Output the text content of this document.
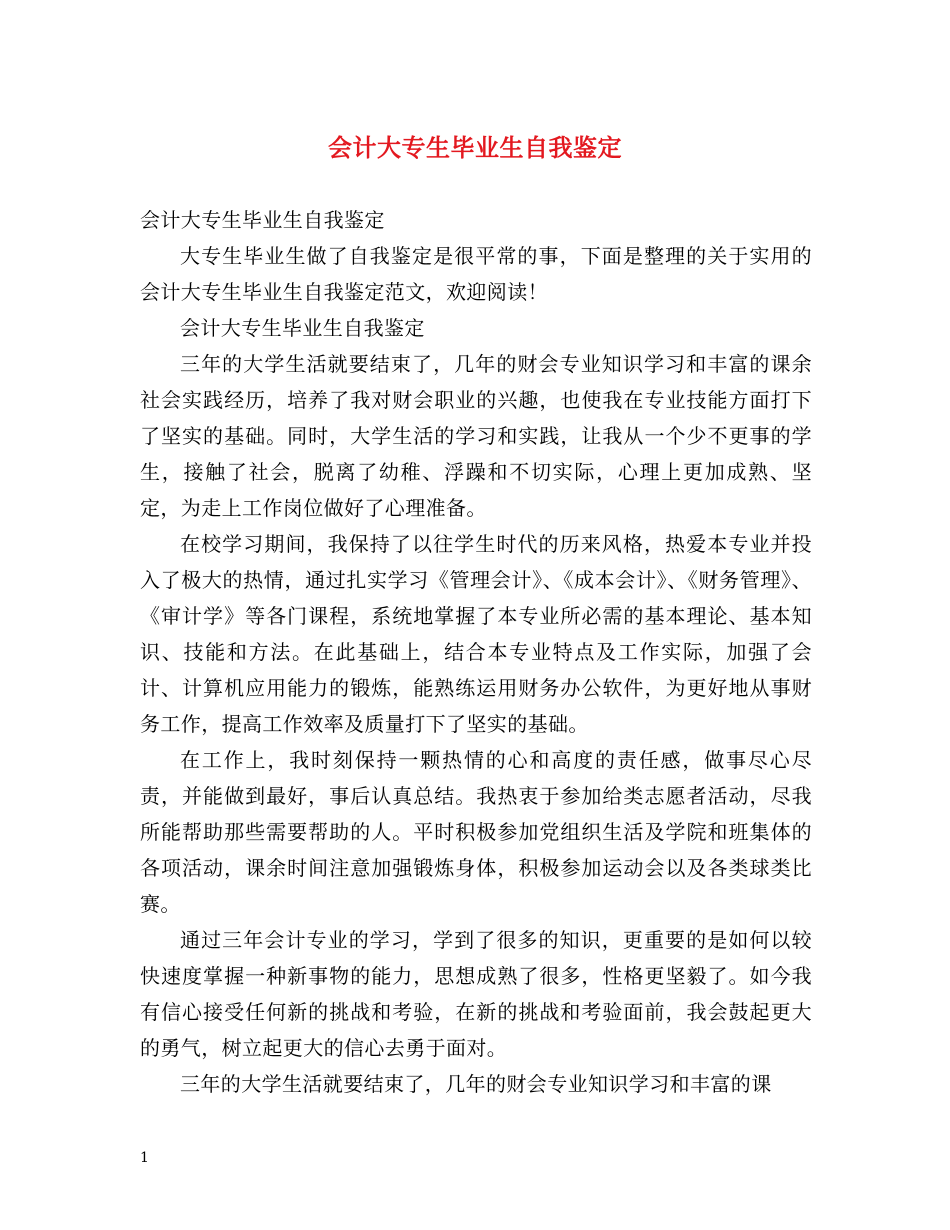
会计大专生毕业生自我鉴定

会计大专生毕业生自我鉴定

大专生毕业生做了自我鉴定是很平常的事，下面是整理的关于实用的会计大专生毕业生自我鉴定范文，欢迎阅读！

会计大专生毕业生自我鉴定

三年的大学生活就要结束了，几年的财会专业知识学习和丰富的课余社会实践经历，培养了我对财会职业的兴趣，也使我在专业技能方面打下了坚实的基础。同时，大学生活的学习和实践，让我从一个少不更事的学生，接触了社会，脱离了幼稚、浮躁和不切实际，心理上更加成熟、坚定，为走上工作岗位做好了心理准备。

在校学习期间，我保持了以往学生时代的历来风格，热爱本专业并投入了极大的热情，通过扎实学习《管理会计》、《成本会计》、《财务管理》、《审计学》等各门课程，系统地掌握了本专业所必需的基本理论、基本知识、技能和方法。在此基础上，结合本专业特点及工作实际，加强了会计、计算机应用能力的锻炼，能熟练运用财务办公软件，为更好地从事财务工作，提高工作效率及质量打下了坚实的基础。

在工作上，我时刻保持一颗热情的心和高度的责任感，做事尽心尽责，并能做到最好，事后认真总结。我热衷于参加给类志愿者活动，尽我所能帮助那些需要帮助的人。平时积极参加党组织生活及学院和班集体的各项活动，课余时间注意加强锻炼身体，积极参加运动会以及各类球类比赛。

通过三年会计专业的学习，学到了很多的知识，更重要的是如何以较快速度掌握一种新事物的能力，思想成熟了很多，性格更坚毅了。如今我有信心接受任何新的挑战和考验，在新的挑战和考验面前，我会鼓起更大的勇气，树立起更大的信心去勇于面对。

三年的大学生活就要结束了，几年的财会专业知识学习和丰富的课

1
